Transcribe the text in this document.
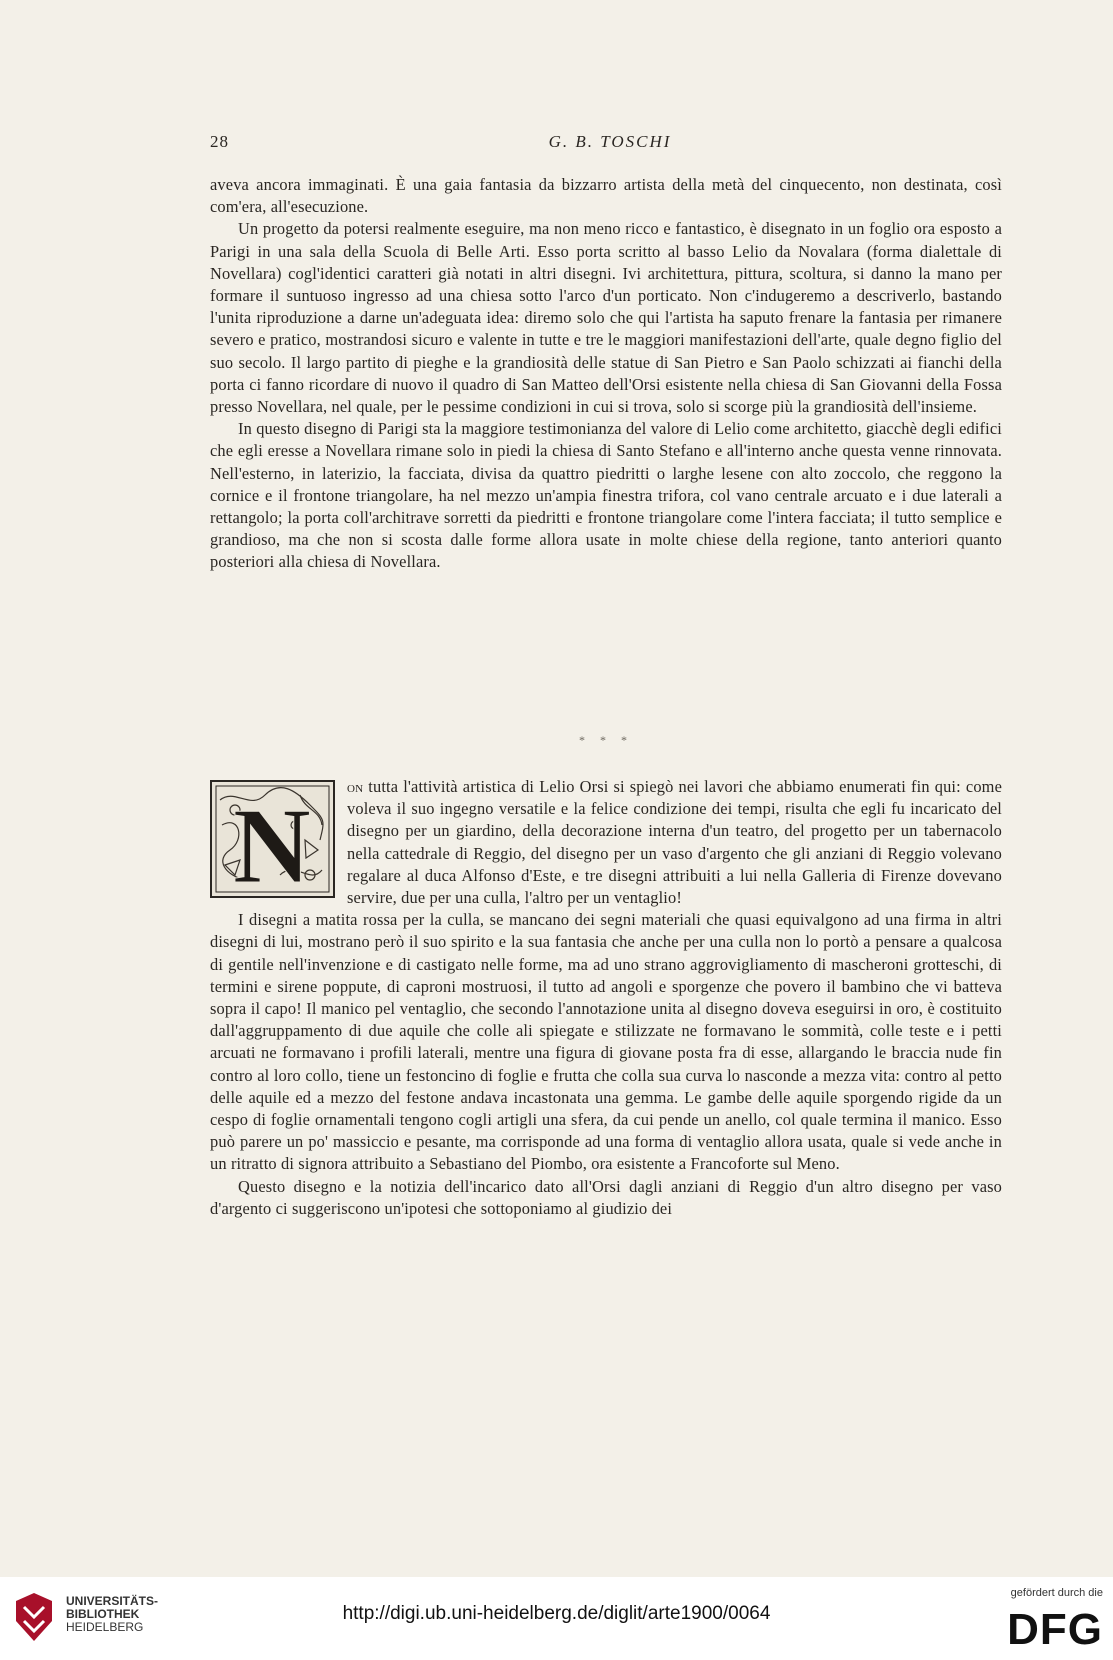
28	G. B. TOSCHI

aveva ancora immaginati. È una gaia fantasia da bizzarro artista della metà del cinquecento, non destinata, così com'era, all'esecuzione.

Un progetto da potersi realmente eseguire, ma non meno ricco e fantastico, è disegnato in un foglio ora esposto a Parigi in una sala della Scuola di Belle Arti. Esso porta scritto al basso Lelio da Novalara (forma dialettale di Novellara) cogl'identici caratteri già notati in altri disegni. Ivi architettura, pittura, scoltura, si danno la mano per formare il suntuoso ingresso ad una chiesa sotto l'arco d'un porticato. Non c'indugeremo a descriverlo, bastando l'unita riproduzione a darne un'adeguata idea: diremo solo che qui l'artista ha saputo frenare la fantasia per rimanere severo e pratico, mostrandosi sicuro e valente in tutte e tre le maggiori manifestazioni dell'arte, quale degno figlio del suo secolo. Il largo partito di pieghe e la grandiosità delle statue di San Pietro e San Paolo schizzati ai fianchi della porta ci fanno ricordare di nuovo il quadro di San Matteo dell'Orsi esistente nella chiesa di San Giovanni della Fossa presso Novellara, nel quale, per le pessime condizioni in cui si trova, solo si scorge più la grandiosità dell'insieme.

In questo disegno di Parigi sta la maggiore testimonianza del valore di Lelio come architetto, giacchè degli edifici che egli eresse a Novellara rimane solo in piedi la chiesa di Santo Stefano e all'interno anche questa venne rinnovata. Nell'esterno, in laterizio, la facciata, divisa da quattro piedritti o larghe lesene con alto zoccolo, che reggono la cornice e il frontone triangolare, ha nel mezzo un'ampia finestra trifora, col vano centrale arcuato e i due laterali a rettangolo; la porta coll'architrave sorretti da piedritti e frontone triangolare come l'intera facciata; il tutto semplice e grandioso, ma che non si scosta dalle forme allora usate in molte chiese della regione, tanto anteriori quanto posteriori alla chiesa di Novellara.

* * *
N

on tutta l'attività artistica di Lelio Orsi si spiegò nei lavori che abbiamo enumerati fin qui: come voleva il suo ingegno versatile e la felice condizione dei tempi, risulta che egli fu incaricato del disegno per un giardino, della decorazione interna d'un teatro, del progetto per un tabernacolo nella cattedrale di Reggio, del disegno per un vaso d'argento che gli anziani di Reggio volevano regalare al duca Alfonso d'Este, e tre disegni attribuiti a lui nella Galleria di Firenze dovevano servire, due per una culla, l'altro per un ventaglio!

I disegni a matita rossa per la culla, se mancano dei segni materiali che quasi equivalgono ad una firma in altri disegni di lui, mostrano però il suo spirito e la sua fantasia che anche per una culla non lo portò a pensare a qualcosa di gentile nell'invenzione e di castigato nelle forme, ma ad uno strano aggrovigliamento di mascheroni grotteschi, di termini e sirene poppute, di caproni mostruosi, il tutto ad angoli e sporgenze che povero il bambino che vi batteva sopra il capo! Il manico pel ventaglio, che secondo l'annotazione unita al disegno doveva eseguirsi in oro, è costituito dall'aggruppamento di due aquile che colle ali spiegate e stilizzate ne formavano le sommità, colle teste e i petti arcuati ne formavano i profili laterali, mentre una figura di giovane posta fra di esse, allargando le braccia nude fin contro al loro collo, tiene un festoncino di foglie e frutta che colla sua curva lo nasconde a mezza vita: contro al petto delle aquile ed a mezzo del festone andava incastonata una gemma. Le gambe delle aquile sporgendo rigide da un cespo di foglie ornamentali tengono cogli artigli una sfera, da cui pende un anello, col quale termina il manico. Esso può parere un po' massiccio e pesante, ma corrisponde ad una forma di ventaglio allora usata, quale si vede anche in un ritratto di signora attribuito a Sebastiano del Piombo, ora esistente a Francoforte sul Meno.

Questo disegno e la notizia dell'incarico dato all'Orsi dagli anziani di Reggio d'un altro disegno per vaso d'argento ci suggeriscono un'ipotesi che sottoponiamo al giudizio dei

UNIVERSITÄTS-
BIBLIOTHEK
HEIDELBERG
http://digi.ub.uni-heidelberg.de/diglit/arte1900/0064
gefördert durch die
DFG
